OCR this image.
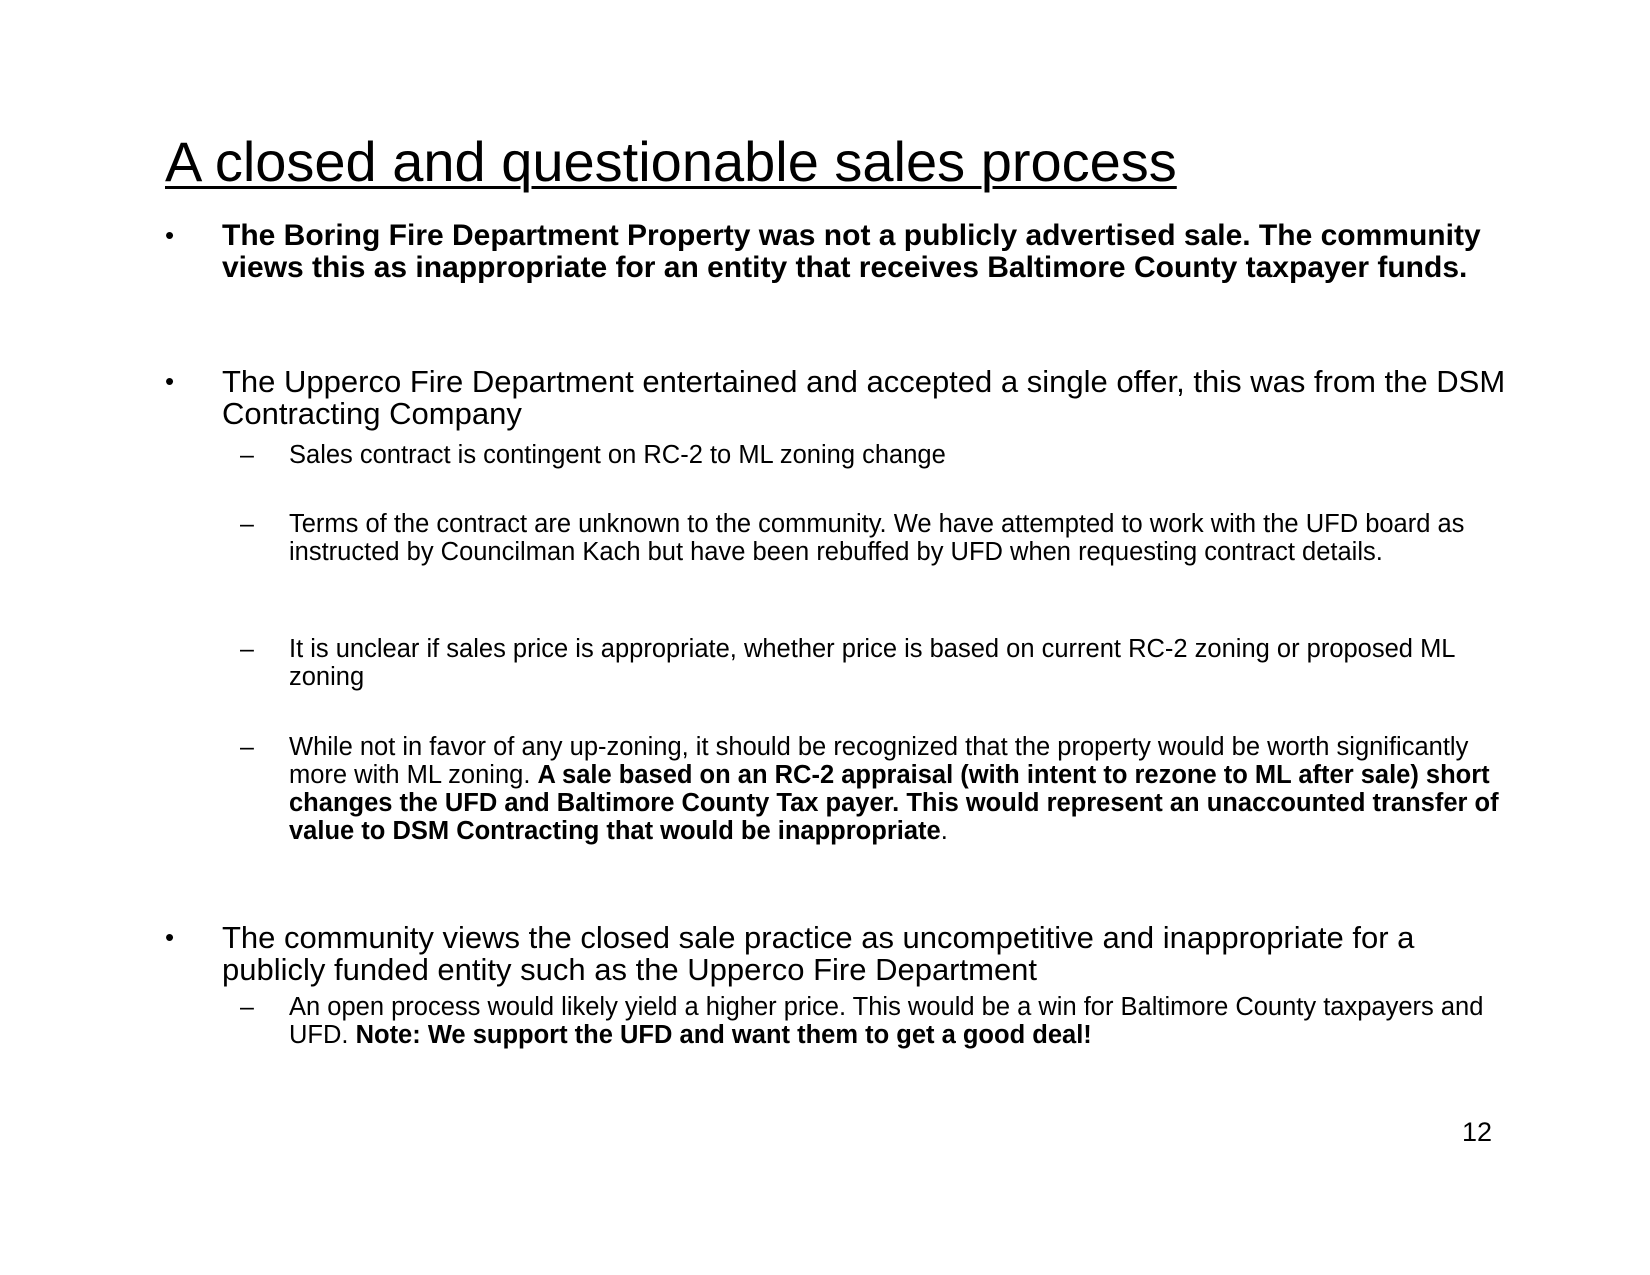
A closed and questionable sales process
• The Boring Fire Department Property was not a publicly advertised sale. The community views this as inappropriate for an entity that receives Baltimore County taxpayer funds.
• The Upperco Fire Department entertained and accepted a single offer, this was from the DSM Contracting Company
– Sales contract is contingent on RC-2 to ML zoning change
– Terms of the contract are unknown to the community. We have attempted to work with the UFD board as instructed by Councilman Kach but have been rebuffed by UFD when requesting contract details.
– It is unclear if sales price is appropriate, whether price is based on current RC-2 zoning or proposed ML zoning
– While not in favor of any up-zoning, it should be recognized that the property would be worth significantly more with ML zoning. A sale based on an RC-2 appraisal (with intent to rezone to ML after sale) short changes the UFD and Baltimore County Tax payer. This would represent an unaccounted transfer of value to DSM Contracting that would be inappropriate.
• The community views the closed sale practice as uncompetitive and inappropriate for a publicly funded entity such as the Upperco Fire Department
– An open process would likely yield a higher price. This would be a win for Baltimore County taxpayers and UFD. Note: We support the UFD and want them to get a good deal!
12
